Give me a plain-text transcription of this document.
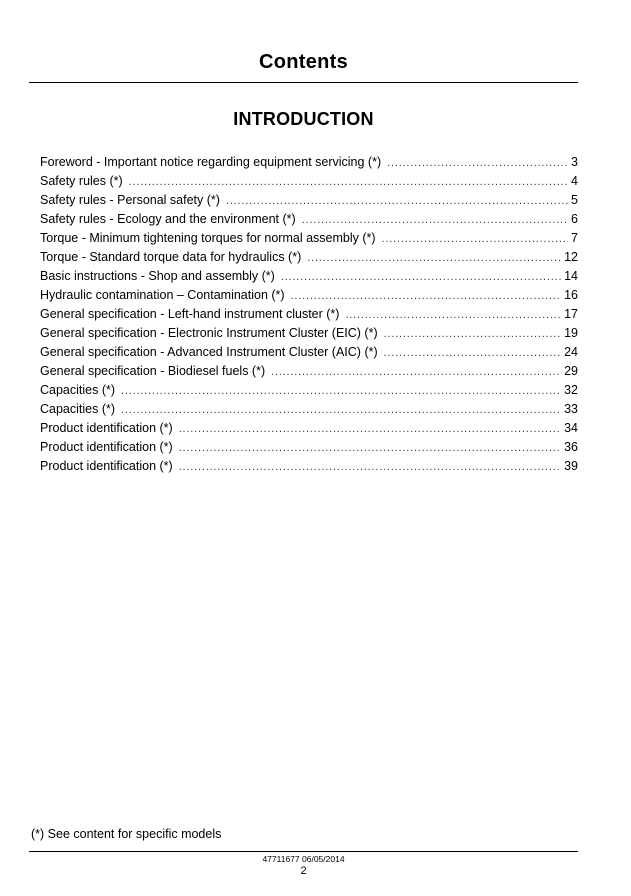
Contents
INTRODUCTION
Foreword - Important notice regarding equipment servicing (*) .....	3
Safety rules (*) .....	4
Safety rules - Personal safety (*) .....	5
Safety rules - Ecology and the environment (*) .....	6
Torque - Minimum tightening torques for normal assembly (*) .....	7
Torque - Standard torque data for hydraulics (*) .....	12
Basic instructions - Shop and assembly (*) .....	14
Hydraulic contamination – Contamination (*) .....	16
General specification - Left-hand instrument cluster (*) .....	17
General specification - Electronic Instrument Cluster (EIC) (*) .....	19
General specification - Advanced Instrument Cluster (AIC) (*) .....	24
General specification - Biodiesel fuels (*) .....	29
Capacities (*) .....	32
Capacities (*) .....	33
Product identification (*) .....	34
Product identification (*) .....	36
Product identification (*) .....	39
(*) See content for specific models
47711677 06/05/2014
2
